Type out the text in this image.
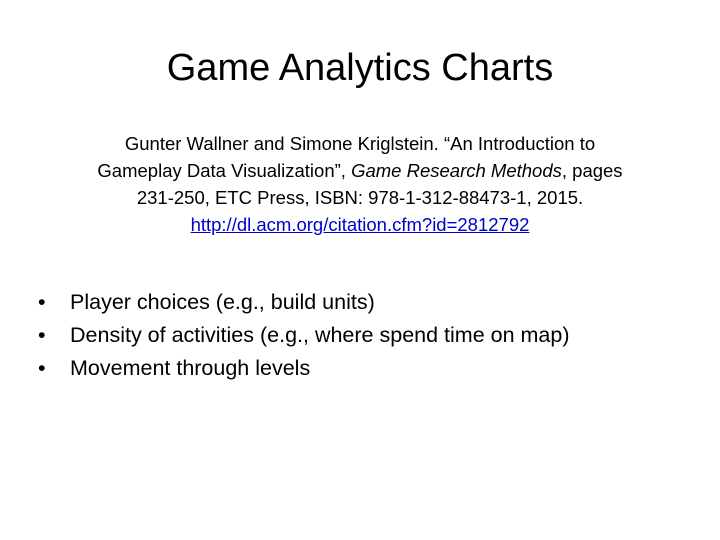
Game Analytics Charts
Gunter Wallner and Simone Kriglstein. “An Introduction to
Gameplay Data Visualization”, Game Research Methods, pages
231-250, ETC Press, ISBN: 978-1-312-88473-1, 2015.
http://dl.acm.org/citation.cfm?id=2812792
• Player choices (e.g., build units)
• Density of activities (e.g., where spend time on map)
• Movement through levels
